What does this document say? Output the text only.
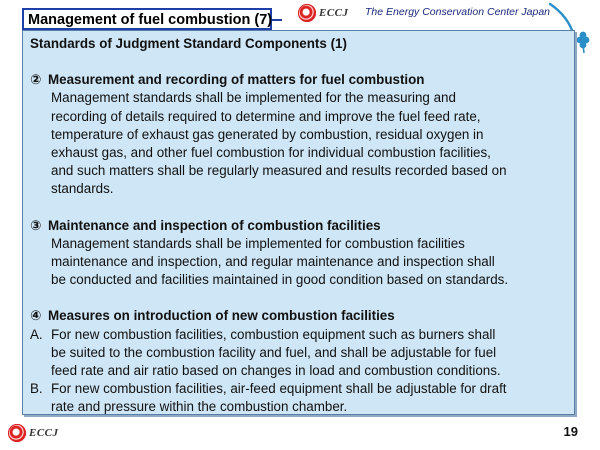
Management of fuel combustion (7)	ECCJ The Energy Conservation Center Japan

Standards of Judgment Standard Components (1)

② Measurement and recording of matters for fuel combustion
Management standards shall be implemented for the measuring and
recording of details required to determine and improve the fuel feed rate,
temperature of exhaust gas generated by combustion, residual oxygen in
exhaust gas, and other fuel combustion for individual combustion facilities,
and such matters shall be regularly measured and results recorded based on
standards.
③ Maintenance and inspection of combustion facilities
Management standards shall be implemented for combustion facilities
maintenance and inspection, and regular maintenance and inspection shall
be conducted and facilities maintained in good condition based on standards.
④ Measures on introduction of new combustion facilities
A. For new combustion facilities, combustion equipment such as burners shall
be suited to the combustion facility and fuel, and shall be adjustable for fuel
feed rate and air ratio based on changes in load and combustion conditions.
B. For new combustion facilities, air-feed equipment shall be adjustable for draft
rate and pressure within the combustion chamber.
ECCJ	19
